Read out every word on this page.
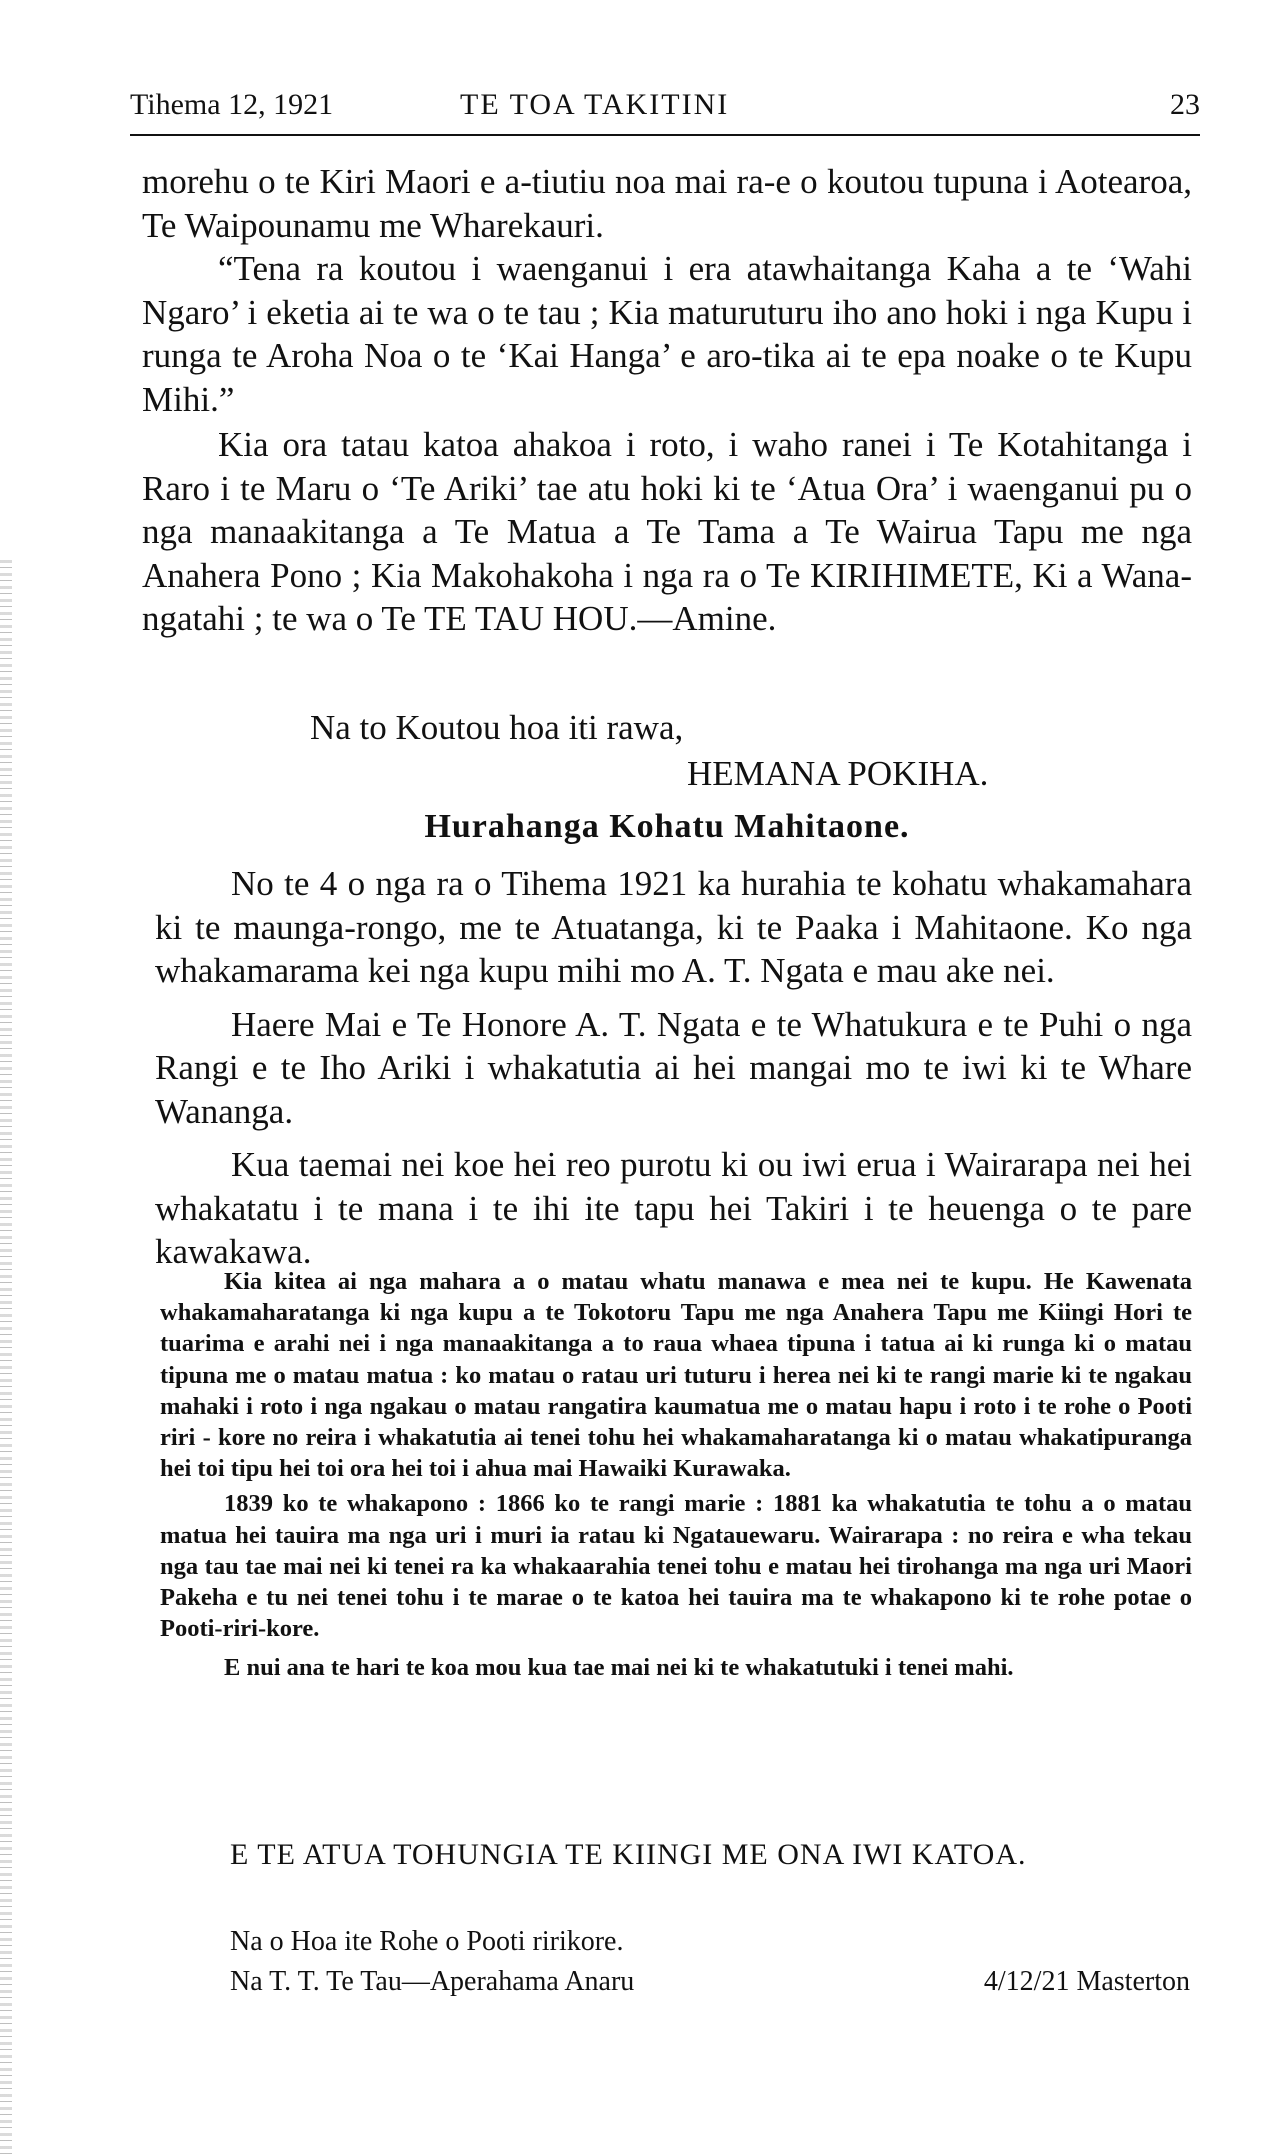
Tihema 12, 1921	TE TOA TAKITINI	23

morehu o te Kiri Maori e a-tiutiu noa mai ra-e o koutou tupuna i Aotearoa, Te Waipounamu me Wharekauri.

“Tena ra koutou i waenganui i era atawhaitanga Kaha a te ‘Wahi Ngaro’ i eketia ai te wa o te tau ; Kia maturuturu iho ano hoki i nga Kupu i runga te Aroha Noa o te ‘Kai Hanga’ e aro-tika ai te epa noake o te Kupu Mihi.”

Kia ora tatau katoa ahakoa i roto, i waho ranei i Te Kotahitanga i Raro i te Maru o ‘Te Ariki’ tae atu hoki ki te ‘Atua Ora’ i waenganui pu o nga manaakitanga a Te Matua a Te Tama a Te Wairua Tapu me nga Anahera Pono ; Kia Makohakoha i nga ra o Te KIRIHIMETE, Ki a Wana-ngatahi ; te wa o Te TE TAU HOU.—Amine.

Na to Koutou hoa iti rawa,

HEMANA POKIHA.

Hurahanga Kohatu Mahitaone.

No te 4 o nga ra o Tihema 1921 ka hurahia te kohatu whakamahara ki te maunga-rongo, me te Atuatanga, ki te Paaka i Mahitaone. Ko nga whakamarama kei nga kupu mihi mo A. T. Ngata e mau ake nei.

Haere Mai e Te Honore A. T. Ngata e te Whatukura e te Puhi o nga Rangi e te Iho Ariki i whakatutia ai hei mangai mo te iwi ki te Whare Wananga.

Kua taemai nei koe hei reo purotu ki ou iwi erua i Wairarapa nei hei whakatatu i te mana i te ihi ite tapu hei Takiri i te heuenga o te pare kawakawa.

Kia kitea ai nga mahara a o matau whatu manawa e mea nei te kupu. He Kawenata whakamaharatanga ki nga kupu a te Tokotoru Tapu me nga Anahera Tapu me Kiingi Hori te tuarima e arahi nei i nga manaakitanga a to raua whaea tipuna i tatua ai ki runga ki o matau tipuna me o matau matua : ko matau o ratau uri tuturu i herea nei ki te rangi marie ki te ngakau mahaki i roto i nga ngakau o matau rangatira kaumatua me o matau hapu i roto i te rohe o Pooti riri - kore no reira i whakatutia ai tenei tohu hei whakamaharatanga ki o matau whakatipuranga hei toi tipu hei toi ora hei toi i ahua mai Hawaiki Kurawaka.

1839 ko te whakapono : 1866 ko te rangi marie : 1881 ka whakatutia te tohu a o matau matua hei tauira ma nga uri i muri ia ratau ki Ngatauewaru. Wairarapa : no reira e wha tekau nga tau tae mai nei ki tenei ra ka whakaarahia tenei tohu e matau hei tirohanga ma nga uri Maori Pakeha e tu nei tenei tohu i te marae o te katoa hei tauira ma te whakapono ki te rohe potae o Pooti-riri-kore.

E nui ana te hari te koa mou kua tae mai nei ki te whakatutuki i tenei mahi.

E TE ATUA TOHUNGIA TE KIINGI ME ONA IWI KATOA.
Na o Hoa ite Rohe o Pooti ririkore.
Na T. T. Te Tau—Aperahama Anaru	4/12/21 Masterton
